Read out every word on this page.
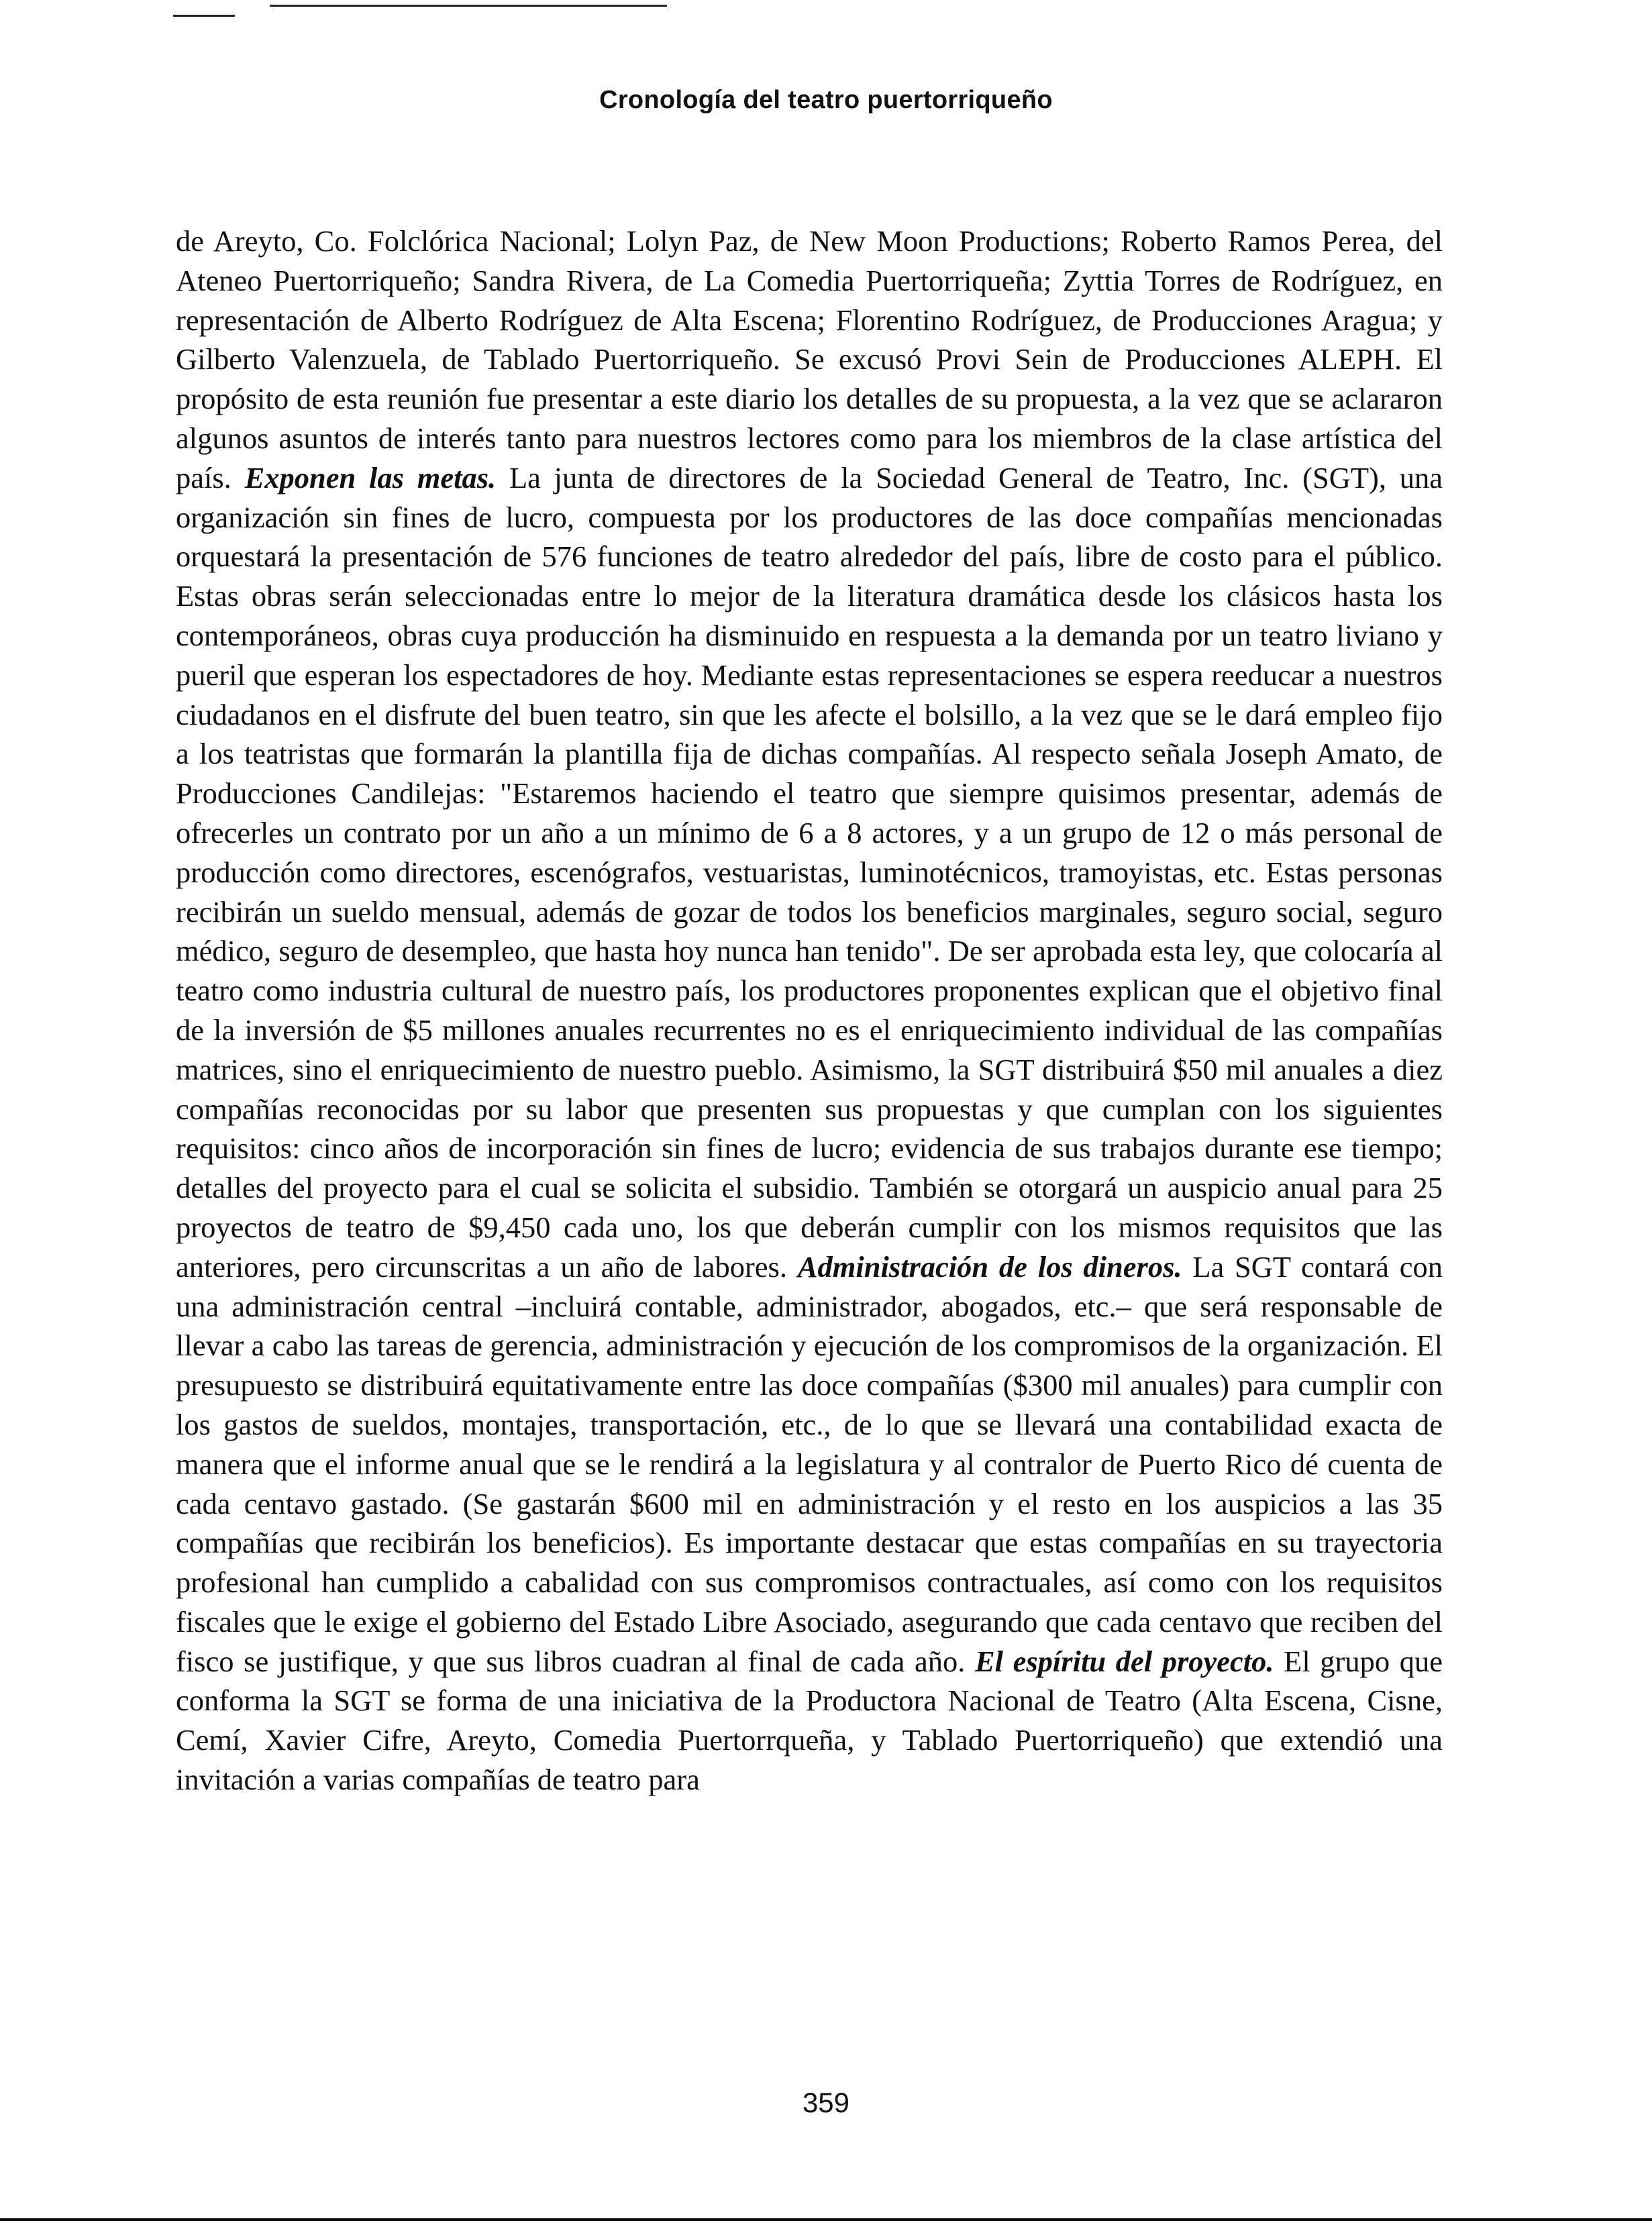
Cronología del teatro puertorriqueño

de Areyto, Co. Folclórica Nacional; Lolyn Paz, de New Moon Productions; Roberto Ramos Perea, del Ateneo Puertorriqueño; Sandra Rivera, de La Comedia Puertorriqueña; Zyttia Torres de Rodríguez, en representación de Alberto Rodríguez de Alta Escena; Florentino Rodríguez, de Producciones Aragua; y Gilberto Valenzuela, de Tablado Puertorriqueño. Se excusó Provi Sein de Producciones ALEPH. El propósito de esta reunión fue presentar a este diario los detalles de su propuesta, a la vez que se aclararon algunos asuntos de interés tanto para nuestros lectores como para los miembros de la clase artística del país. Exponen las metas. La junta de directores de la Sociedad General de Teatro, Inc. (SGT), una organización sin fines de lucro, compuesta por los productores de las doce compañías mencionadas orquestará la presentación de 576 funciones de teatro alrededor del país, libre de costo para el público. Estas obras serán seleccionadas entre lo mejor de la literatura dramática desde los clásicos hasta los contemporáneos, obras cuya producción ha disminuido en respuesta a la demanda por un teatro liviano y pueril que esperan los espectadores de hoy. Mediante estas representaciones se espera reeducar a nuestros ciudadanos en el disfrute del buen teatro, sin que les afecte el bolsillo, a la vez que se le dará empleo fijo a los teatristas que formarán la plantilla fija de dichas compañías. Al respecto señala Joseph Amato, de Producciones Candilejas: "Estaremos haciendo el teatro que siempre quisimos presentar, además de ofrecerles un contrato por un año a un mínimo de 6 a 8 actores, y a un grupo de 12 o más personal de producción como directores, escenógrafos, vestuaristas, luminotécnicos, tramoyistas, etc. Estas personas recibirán un sueldo mensual, además de gozar de todos los beneficios marginales, seguro social, seguro médico, seguro de desempleo, que hasta hoy nunca han tenido". De ser aprobada esta ley, que colocaría al teatro como industria cultural de nuestro país, los productores proponentes explican que el objetivo final de la inversión de $5 millones anuales recurrentes no es el enriquecimiento individual de las compañías matrices, sino el enriquecimiento de nuestro pueblo. Asimismo, la SGT distribuirá $50 mil anuales a diez compañías reconocidas por su labor que presenten sus propuestas y que cumplan con los siguientes requisitos: cinco años de incorporación sin fines de lucro; evidencia de sus trabajos durante ese tiempo; detalles del proyecto para el cual se solicita el subsidio. También se otorgará un auspicio anual para 25 proyectos de teatro de $9,450 cada uno, los que deberán cumplir con los mismos requisitos que las anteriores, pero circunscritas a un año de labores. Administración de los dineros. La SGT contará con una administración central –incluirá contable, administrador, abogados, etc.– que será responsable de llevar a cabo las tareas de gerencia, administración y ejecución de los compromisos de la organización. El presupuesto se distribuirá equitativamente entre las doce compañías ($300 mil anuales) para cumplir con los gastos de sueldos, montajes, transportación, etc., de lo que se llevará una contabilidad exacta de manera que el informe anual que se le rendirá a la legislatura y al contralor de Puerto Rico dé cuenta de cada centavo gastado. (Se gastarán $600 mil en administración y el resto en los auspicios a las 35 compañías que recibirán los beneficios). Es importante destacar que estas compañías en su trayectoria profesional han cumplido a cabalidad con sus compromisos contractuales, así como con los requisitos fiscales que le exige el gobierno del Estado Libre Asociado, asegurando que cada centavo que reciben del fisco se justifique, y que sus libros cuadran al final de cada año. El espíritu del proyecto. El grupo que conforma la SGT se forma de una iniciativa de la Productora Nacional de Teatro (Alta Escena, Cisne, Cemí, Xavier Cifre, Areyto, Comedia Puertorrqueña, y Tablado Puertorriqueño) que extendió una invitación a varias compañías de teatro para

359
